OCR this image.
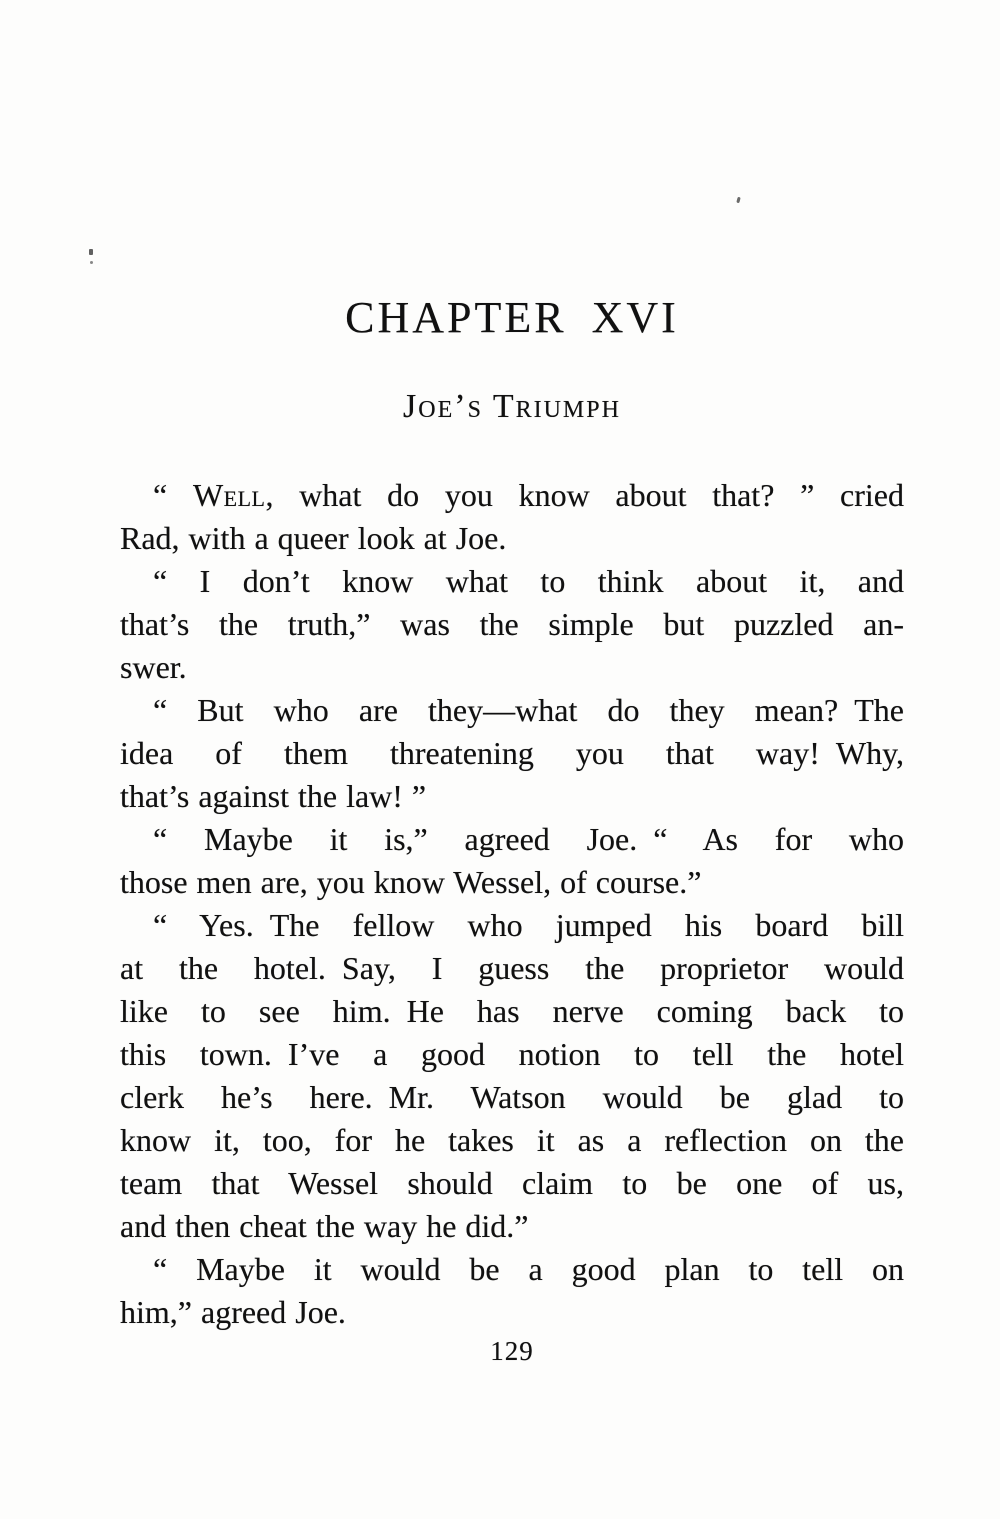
CHAPTER XVI
Joe’s Triumph
“ Well, what do you know about that? ” cried
Rad, with a queer look at Joe.
“ I don’t know what to think about it, and
that’s the truth,” was the simple but puzzled an-
swer.
“ But who are they—what do they mean? The
idea of them threatening you that way! Why,
that’s against the law! ”
“ Maybe it is,” agreed Joe. “ As for who
those men are, you know Wessel, of course.”
“ Yes. The fellow who jumped his board bill
at the hotel. Say, I guess the proprietor would
like to see him. He has nerve coming back to
this town. I’ve a good notion to tell the hotel
clerk he’s here. Mr. Watson would be glad to
know it, too, for he takes it as a reflection on the
team that Wessel should claim to be one of us,
and then cheat the way he did.”
“ Maybe it would be a good plan to tell on
him,” agreed Joe.
129
